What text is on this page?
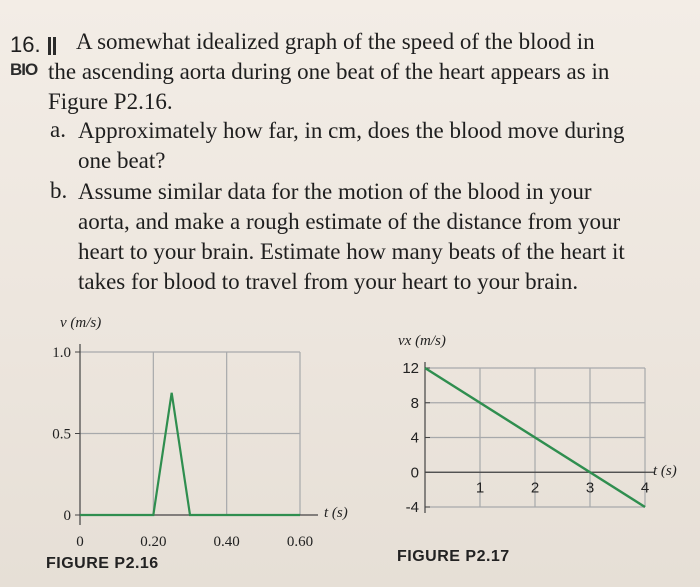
16.
BIO
A somewhat idealized graph of the speed of the blood in
the ascending aorta during one beat of the heart appears as in
Figure P2.16.
a. Approximately how far, in cm, does the blood move during
one beat?
b. Assume similar data for the motion of the blood in your
aorta, and make a rough estimate of the distance from your
heart to your brain. Estimate how many beats of the heart it
takes for blood to travel from your heart to your brain.
0	0.20	0.40	0.60
0
0.5
1.0
v (m/s)
t (s)
FIGURE P2.16
-4
0
4
8
12
1	2	3	4
vx (m/s)
t (s)
FIGURE P2.17
